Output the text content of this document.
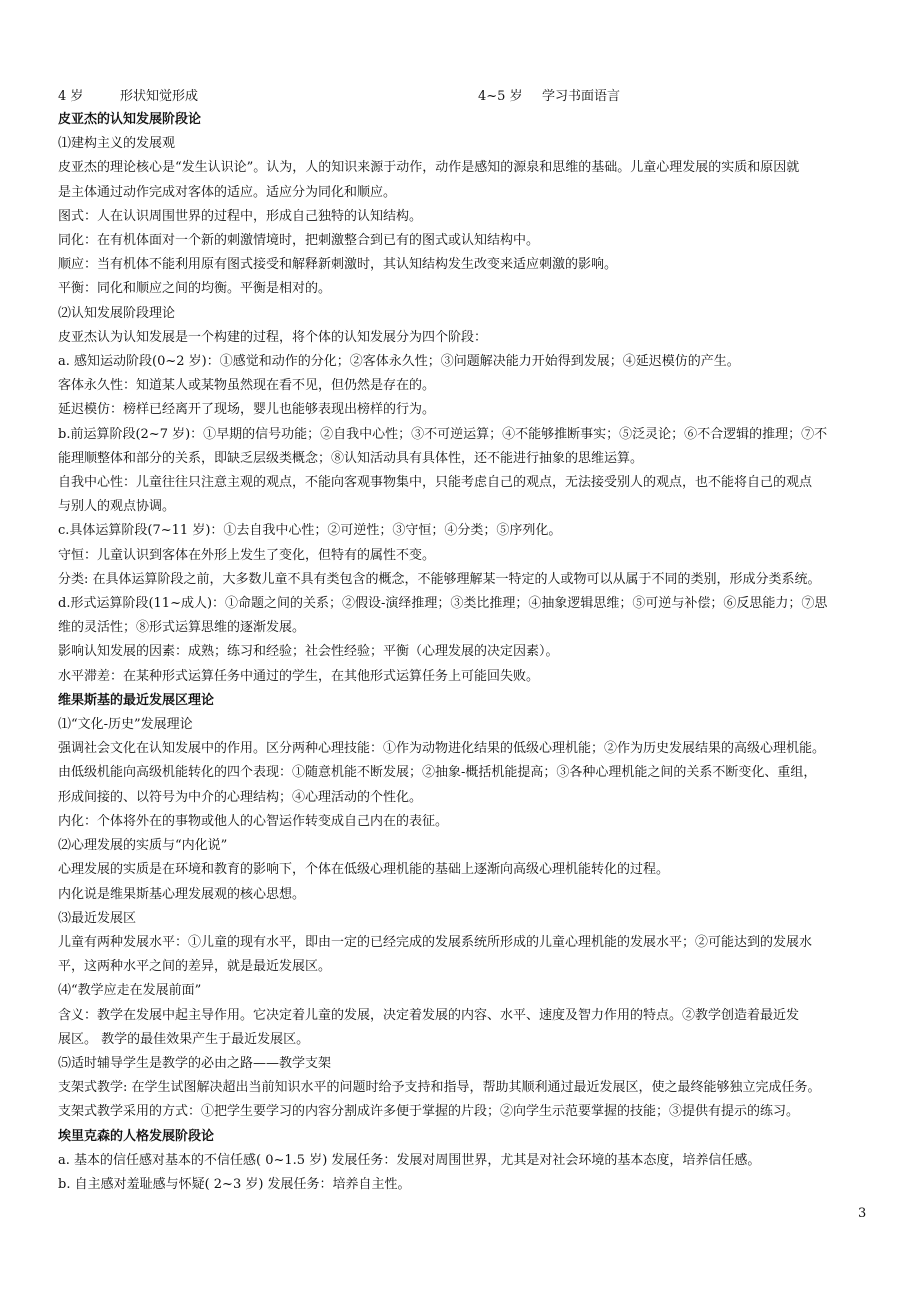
4 岁	形状知觉形成	4~5 岁 学习书面语言
皮亚杰的认知发展阶段论
⑴建构主义的发展观
皮亚杰的理论核心是“发生认识论”。认为，人的知识来源于动作，动作是感知的源泉和思维的基础。儿童心理发展的实质和原因就
是主体通过动作完成对客体的适应。适应分为同化和顺应。
图式：人在认识周围世界的过程中，形成自己独特的认知结构。
同化：在有机体面对一个新的刺激情境时，把刺激整合到已有的图式或认知结构中。
顺应：当有机体不能利用原有图式接受和解释新刺激时，其认知结构发生改变来适应刺激的影响。
平衡：同化和顺应之间的均衡。平衡是相对的。
⑵认知发展阶段理论
皮亚杰认为认知发展是一个构建的过程，将个体的认知发展分为四个阶段：
a. 感知运动阶段(0~2 岁)：①感觉和动作的分化；②客体永久性；③问题解决能力开始得到发展；④延迟模仿的产生。
客体永久性：知道某人或某物虽然现在看不见，但仍然是存在的。
延迟模仿：榜样已经离开了现场，婴儿也能够表现出榜样的行为。
b.前运算阶段(2~7 岁)：①早期的信号功能；②自我中心性；③不可逆运算；④不能够推断事实；⑤泛灵论；⑥不合逻辑的推理；⑦不
能理顺整体和部分的关系，即缺乏层级类概念；⑧认知活动具有具体性，还不能进行抽象的思维运算。
自我中心性：儿童往往只注意主观的观点，不能向客观事物集中，只能考虑自己的观点，无法接受别人的观点，也不能将自己的观点
与别人的观点协调。
c.具体运算阶段(7~11 岁)：①去自我中心性；②可逆性；③守恒；④分类；⑤序列化。
守恒：儿童认识到客体在外形上发生了变化，但特有的属性不变。
分类: 在具体运算阶段之前，大多数儿童不具有类包含的概念，不能够理解某一特定的人或物可以从属于不同的类别，形成分类系统。
d.形式运算阶段(11~成人)：①命题之间的关系；②假设-演绎推理；③类比推理；④抽象逻辑思维；⑤可逆与补偿；⑥反思能力；⑦思
维的灵活性；⑧形式运算思维的逐渐发展。
影响认知发展的因素：成熟；练习和经验；社会性经验；平衡（心理发展的决定因素）。
水平滞差：在某种形式运算任务中通过的学生，在其他形式运算任务上可能回失败。
维果斯基的最近发展区理论
⑴“文化-历史”发展理论
强调社会文化在认知发展中的作用。区分两种心理技能：①作为动物进化结果的低级心理机能；②作为历史发展结果的高级心理机能。
由低级机能向高级机能转化的四个表现：①随意机能不断发展；②抽象-概括机能提高；③各种心理机能之间的关系不断变化、重组，
形成间接的、以符号为中介的心理结构；④心理活动的个性化。
内化：个体将外在的事物或他人的心智运作转变成自己内在的表征。
⑵心理发展的实质与“内化说”
心理发展的实质是在环境和教育的影响下，个体在低级心理机能的基础上逐渐向高级心理机能转化的过程。
内化说是维果斯基心理发展观的核心思想。
⑶最近发展区
儿童有两种发展水平：①儿童的现有水平，即由一定的已经完成的发展系统所形成的儿童心理机能的发展水平；②可能达到的发展水
平，这两种水平之间的差异，就是最近发展区。
⑷“教学应走在发展前面”
含义：教学在发展中起主导作用。它决定着儿童的发展，决定着发展的内容、水平、速度及智力作用的特点。②教学创造着最近发
展区。 教学的最佳效果产生于最近发展区。
⑸适时辅导学生是教学的必由之路——教学支架
支架式教学: 在学生试图解决超出当前知识水平的问题时给予支持和指导，帮助其顺利通过最近发展区，使之最终能够独立完成任务。
支架式教学采用的方式：①把学生要学习的内容分割成许多便于掌握的片段；②向学生示范要掌握的技能；③提供有提示的练习。
埃里克森的人格发展阶段论
a. 基本的信任感对基本的不信任感( 0~1.5 岁) 发展任务：发展对周围世界，尤其是对社会环境的基本态度，培养信任感。
b. 自主感对羞耻感与怀疑( 2~3 岁) 发展任务：培养自主性。
3
